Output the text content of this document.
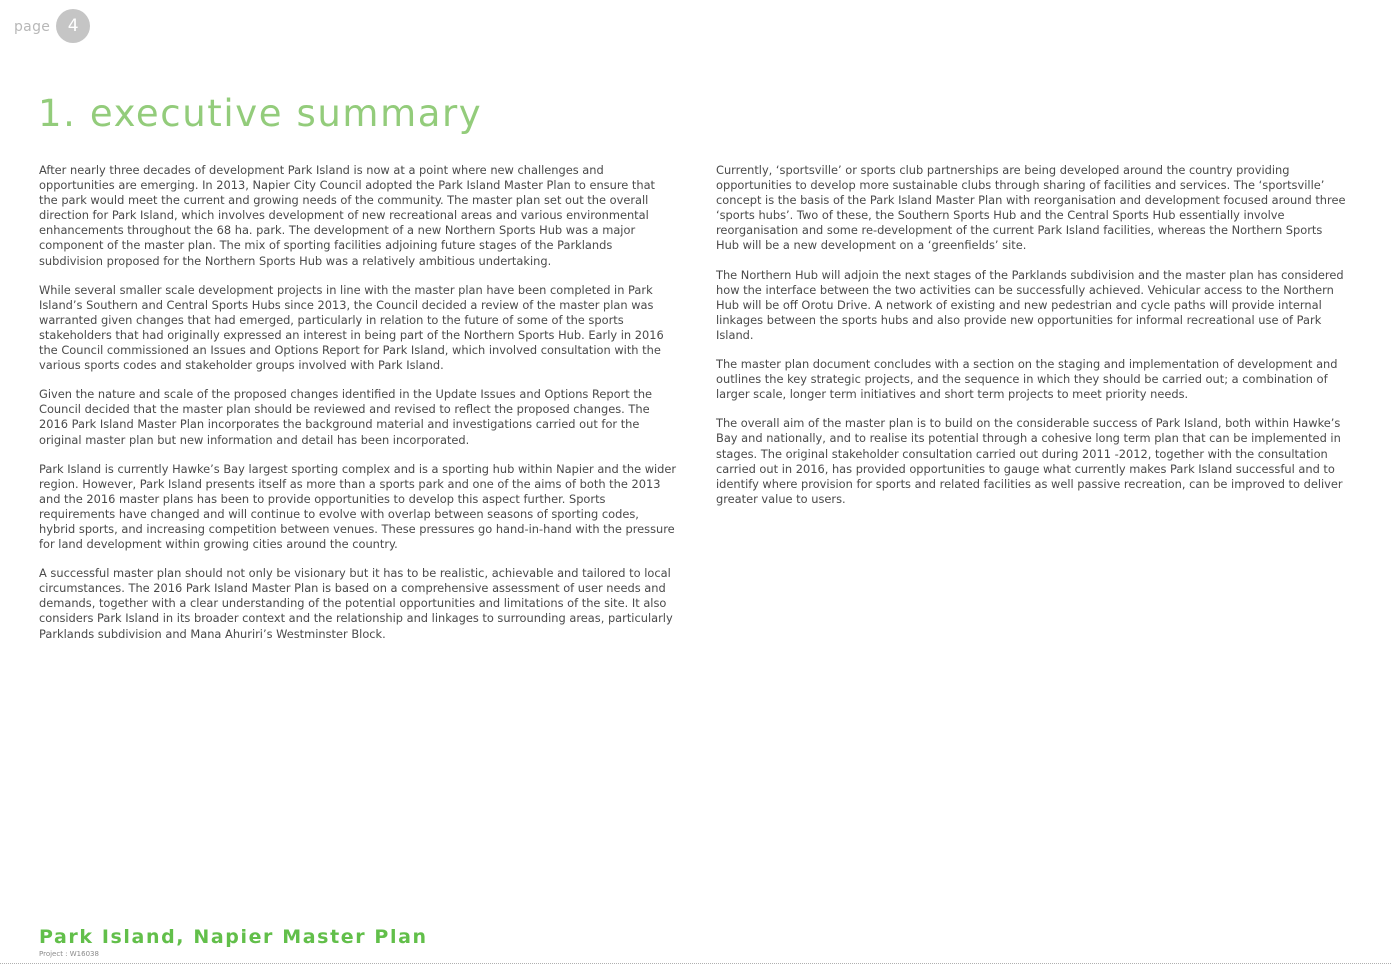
page	4
1. executive summary

After nearly three decades of development Park Island is now at a point where new challenges and opportunities are emerging. In 2013, Napier City Council adopted the Park Island Master Plan to ensure that the park would meet the current and growing needs of the community. The master plan set out the overall direction for Park Island, which involves development of new recreational areas and various environmental enhancements throughout the 68 ha. park. The development of a new Northern Sports Hub was a major component of the master plan. The mix of sporting facilities adjoining future stages of the Parklands subdivision proposed for the Northern Sports Hub was a relatively ambitious undertaking.

While several smaller scale development projects in line with the master plan have been completed in Park Island’s Southern and Central Sports Hubs since 2013, the Council decided a review of the master plan was warranted given changes that had emerged, particularly in relation to the future of some of the sports stakeholders that had originally expressed an interest in being part of the Northern Sports Hub. Early in 2016 the Council commissioned an Issues and Options Report for Park Island, which involved consultation with the various sports codes and stakeholder groups involved with Park Island.

Given the nature and scale of the proposed changes identified in the Update Issues and Options Report the Council decided that the master plan should be reviewed and revised to reflect the proposed changes. The 2016 Park Island Master Plan incorporates the background material and investigations carried out for the original master plan but new information and detail has been incorporated.

Park Island is currently Hawke’s Bay largest sporting complex and is a sporting hub within Napier and the wider region. However, Park Island presents itself as more than a sports park and one of the aims of both the 2013 and the 2016 master plans has been to provide opportunities to develop this aspect further. Sports requirements have changed and will continue to evolve with overlap between seasons of sporting codes, hybrid sports, and increasing competition between venues. These pressures go hand-in-hand with the pressure for land development within growing cities around the country.

A successful master plan should not only be visionary but it has to be realistic, achievable and tailored to local circumstances. The 2016 Park Island Master Plan is based on a comprehensive assessment of user needs and demands, together with a clear understanding of the potential opportunities and limitations of the site. It also considers Park Island in its broader context and the relationship and linkages to surrounding areas, particularly Parklands subdivision and Mana Ahuriri’s Westminster Block.

Currently, ‘sportsville’ or sports club partnerships are being developed around the country providing opportunities to develop more sustainable clubs through sharing of facilities and services. The ‘sportsville’ concept is the basis of the Park Island Master Plan with reorganisation and development focused around three ‘sports hubs’. Two of these, the Southern Sports Hub and the Central Sports Hub essentially involve reorganisation and some re-development of the current Park Island facilities, whereas the Northern Sports Hub will be a new development on a ‘greenfields’ site.

The Northern Hub will adjoin the next stages of the Parklands subdivision and the master plan has considered how the interface between the two activities can be successfully achieved. Vehicular access to the Northern Hub will be off Orotu Drive. A network of existing and new pedestrian and cycle paths will provide internal linkages between the sports hubs and also provide new opportunities for informal recreational use of Park Island.

The master plan document concludes with a section on the staging and implementation of development and outlines the key strategic projects, and the sequence in which they should be carried out; a combination of larger scale, longer term initiatives and short term projects to meet priority needs.

The overall aim of the master plan is to build on the considerable success of Park Island, both within Hawke’s Bay and nationally, and to realise its potential through a cohesive long term plan that can be implemented in stages. The original stakeholder consultation carried out during 2011 -2012, together with the consultation carried out in 2016, has provided opportunities to gauge what currently makes Park Island successful and to identify where provision for sports and related facilities as well passive recreation, can be improved to deliver greater value to users.

Park Island, Napier Master Plan
Project : W16038
